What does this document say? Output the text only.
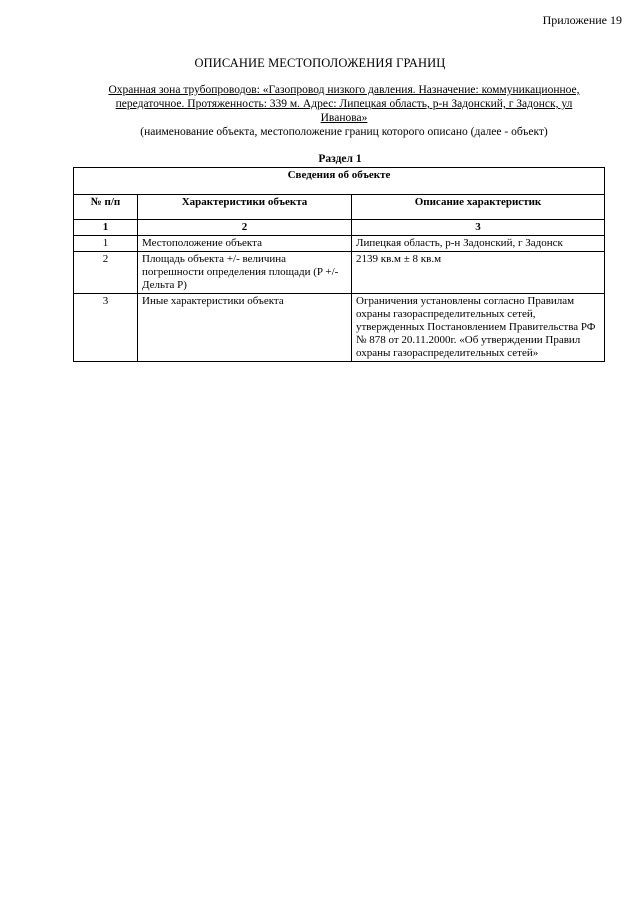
Приложение 19
ОПИСАНИЕ МЕСТОПОЛОЖЕНИЯ ГРАНИЦ
Охранная зона трубопроводов: «Газопровод низкого давления. Назначение: коммуникационное,
передаточное. Протяженность: 339 м. Адрес: Липецкая область, р-н Задонский, г Задонск, ул
Иванова»
(наименование объекта, местоположение границ которого описано (далее - объект)
Раздел 1
Сведения об объекте		
№ п/п	Характеристики объекта	Описание характеристик
1	2	3
1	Местоположение объекта	Липецкая область, р-н Задонский, г Задонск
2	Площадь объекта +/- величина погрешности определения площади (P +/- Дельта P)	2139 кв.м ± 8 кв.м
3	Иные характеристики объекта	Ограничения установлены согласно Правилам охраны газораспределительных сетей, утвержденных Постановлением Правительства РФ № 878 от 20.11.2000г. «Об утверждении Правил охраны газораспределительных сетей»
